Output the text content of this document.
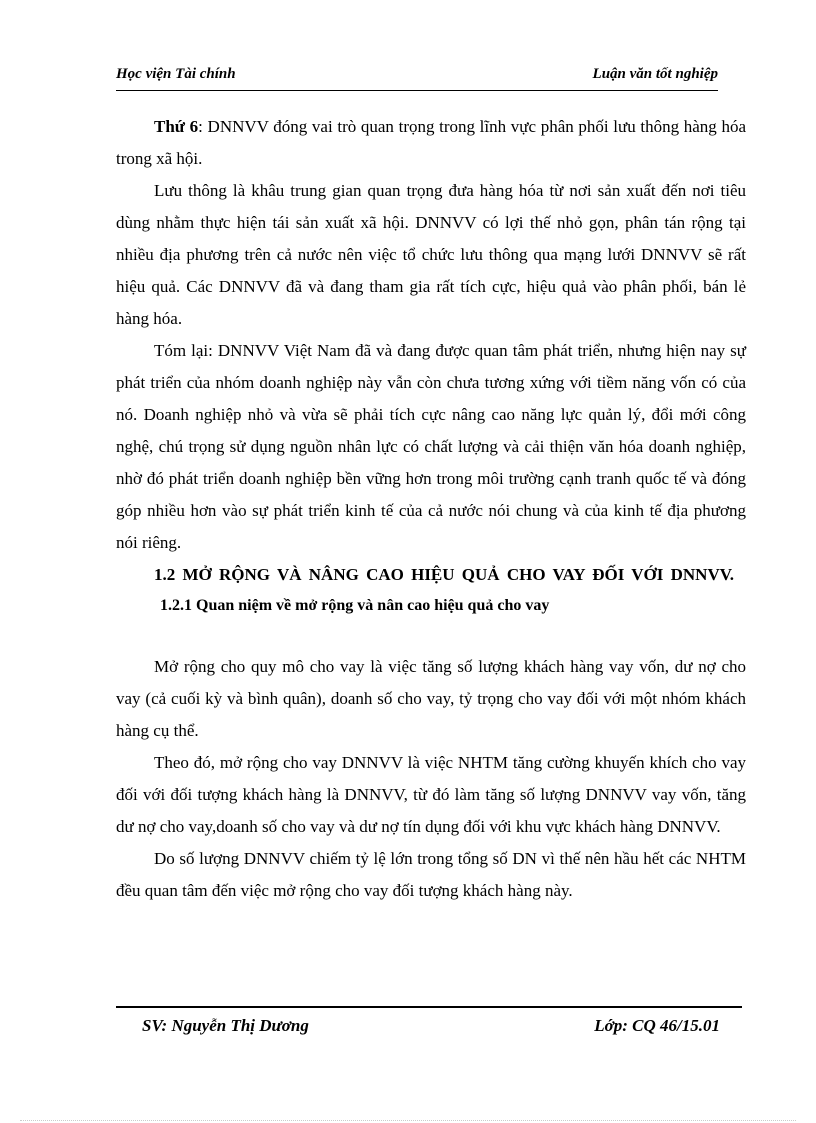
Học viện Tài chính	Luận văn tốt nghiệp

Thứ 6: DNNVV đóng vai trò quan trọng trong lĩnh vực phân phối lưu thông hàng hóa trong xã hội.

Lưu thông là khâu trung gian quan trọng đưa hàng hóa từ nơi sản xuất đến nơi tiêu dùng nhằm thực hiện tái sản xuất xã hội. DNNVV có lợi thế nhỏ gọn, phân tán rộng tại nhiều địa phương trên cả nước nên việc tổ chức lưu thông qua mạng lưới DNNVV sẽ rất hiệu quả. Các DNNVV đã và đang tham gia rất tích cực, hiệu quả vào phân phối, bán lẻ hàng hóa.

Tóm lại: DNNVV Việt Nam đã và đang được quan tâm phát triển, nhưng hiện nay sự phát triển của nhóm doanh nghiệp này vẫn còn chưa tương xứng với tiềm năng vốn có của nó. Doanh nghiệp nhỏ và vừa sẽ phải tích cực nâng cao năng lực quản lý, đổi mới công nghệ, chú trọng sử dụng nguồn nhân lực có chất lượng và cải thiện văn hóa doanh nghiệp, nhờ đó phát triển doanh nghiệp bền vững hơn trong môi trường cạnh tranh quốc tế và đóng góp nhiều hơn vào sự phát triển kinh tế của cả nước nói chung và của kinh tế địa phương nói riêng.

1.2 MỞ RỘNG VÀ NÂNG CAO HIỆU QUẢ CHO VAY ĐỐI VỚI DNNVV.
1.2.1 Quan niệm về mở rộng và nân cao hiệu quả cho vay

Mở rộng cho quy mô cho vay là việc tăng số lượng khách hàng vay vốn, dư nợ cho vay (cả cuối kỳ và bình quân), doanh số cho vay, tỷ trọng cho vay đối với một nhóm khách hàng cụ thể.

Theo đó, mở rộng cho vay DNNVV là việc NHTM tăng cường khuyến khích cho vay đối với đối tượng khách hàng là DNNVV, từ đó làm tăng số lượng DNNVV vay vốn, tăng dư nợ cho vay,doanh số cho vay và dư nợ tín dụng đối với khu vực khách hàng DNNVV.

Do số lượng DNNVV chiếm tỷ lệ lớn trong tổng số DN vì thế nên hầu hết các NHTM đều quan tâm đến việc mở rộng cho vay đối tượng khách hàng này.

SV: Nguyễn Thị Dương	Lớp: CQ 46/15.01
